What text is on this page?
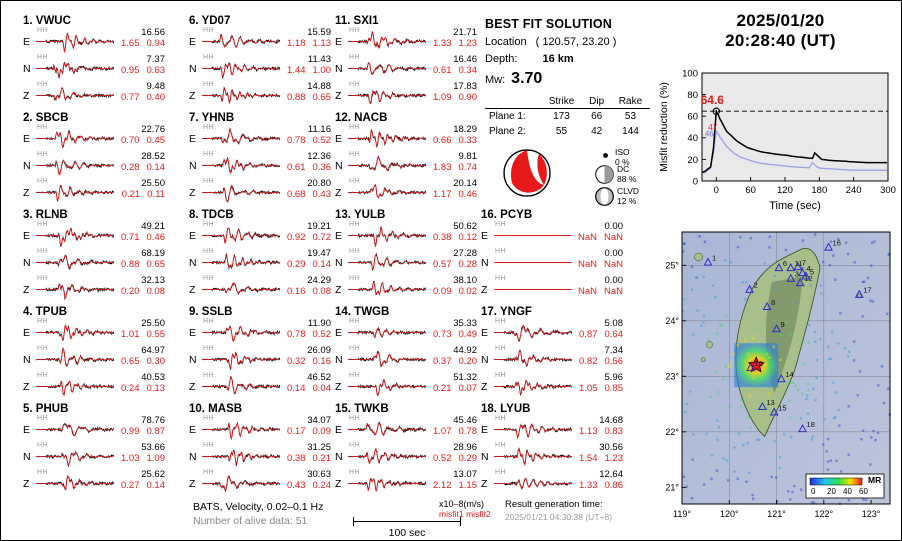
1. VWUC
E
HH	16.56
1.65 0.94
N
HH	7.37
0.95 0.63
Z
HH	9.48
0.77 0.40
2. SBCB
E
HH	22.76
0.70 0.45
N
HH	28.52
0.28 0.14
Z
HH	25.50
0.21 0.11
3. RLNB
E
HH	49.21
0.71 0.46
N
HH	68.19
0.88 0.65
Z
HH	32.13
0.20 0.08
4. TPUB
E
HH	25.50
1.01 0.55
N
HH	64.97
0.65 0.30
Z
HH	40.53
0.24 0.13
5. PHUB
E
HH	78.76
0.99 0.87
N
HH	53.66
1.03 1.09
Z
HH	25.62
0.27 0.14
6. YD07
E
HH	15.59
1.18 1.13
N
HH	11.43
1.44 1.00
Z
HH	14.88
0.88 0.65
7. YHNB
E
HH	11.16
0.78 0.52
N
HH	12.36
0.61 0.36
Z
HH	20.80
0.68 0.43
8. TDCB
E
HH	19.21
0.92 0.72
N
HH	19.47
0.29 0.14
Z
HH	24.29
0.16 0.08
9. SSLB
E
HH	11.90
0.78 0.52
N
HH	26.09
0.32 0.16
Z
HH	46.52
0.14 0.04
10. MASB
E
HH	34.07
0.17 0.09
N
HH	31.25
0.38 0.21
Z
HH	30.63
0.43 0.24
11. SXI1
E
HH	21.71
1.33 1.23
N
HH	16.46
0.61 0.34
Z
HH	17.83
1.09 0.90
12. NACB
E
HH	18.29
0.66 0.33
N
HH	9.81
1.83 0.74
Z
HH	20.14
1.17 0.46
13. YULB
E
HH	50.62
0.38 0.12
N
HH	27.28
0.57 0.28
Z
HH	38.10
0.09 0.02
14. TWGB
E
HH	35.33
0.73 0.49
N
HH	44.92
0.37 0.20
Z
HH	51.32
0.21 0.07
15. TWKB
E
HH	45.46
1.07 0.78
N
HH	28.96
0.52 0.29
Z
HH	13.07
2.12 1.15
16. PCYB
E
HH	0.00
NaN NaN
N
HH	0.00
NaN NaN
Z
HH	0.00
NaN NaN
17. YNGF
E
HH	5.08
0.87 0.64
N
HH	7.34
0.82 0.56
Z
HH	5.96
1.05 0.85
18. LYUB
E
HH	14.68
1.13 0.83
N
HH	30.56
1.54 1.23
Z
HH	12.64
1.33 0.86
BEST FIT SOLUTION
Location ( 120.57, 23.20 )
Depth: 16 km
Mw: 3.70
	Strike	Dip	Rake
Plane 1:	173	66	53
Plane 2:	55	42	144
ISO
0 %
DC
88 %
CLVD
12 %
2025/01/20
20:28:40 (UT)
0	60 120 180 240 300
0
20
40
60
80
100
64.6
47
46
Time (sec)
Misfit reduction (%)
1
2
3
4 5
6 7
8
9
10
11
12
13
14
15
16
17
18
MR
0 20 40 60
119°	120°	121°	122°	123°
21°
22°
23°
24°
25°
BATS, Velocity, 0.02–0.1 Hz
Number of alive data: 51
100 sec
x10–8(m/s)
misfit1 misfit2
Result generation time:
2025/01/21 04:30:38 (UT+8)
